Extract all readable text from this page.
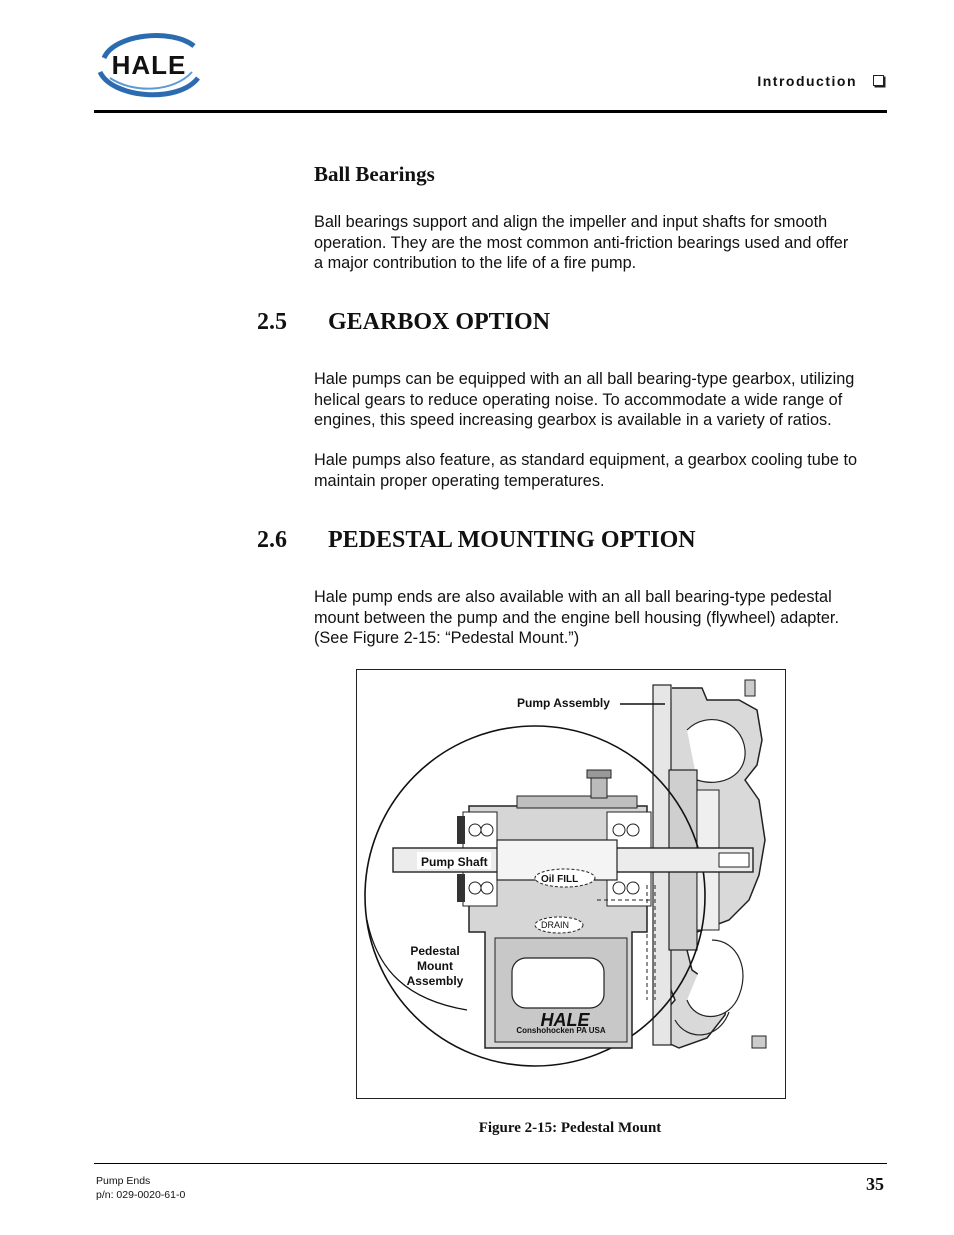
HALE
Introduction
Ball Bearings
Ball bearings support and align the impeller and input shafts for smooth
operation. They are the most common anti-friction bearings used and offer
a major contribution to the life of a fire pump.
2.5 GEARBOX OPTION
Hale pumps can be equipped with an all ball bearing-type gearbox, utilizing
helical gears to reduce operating noise. To accommodate a wide range of
engines, this speed increasing gearbox is available in a variety of ratios.
Hale pumps also feature, as standard equipment, a gearbox cooling tube to
maintain proper operating temperatures.
2.6 PEDESTAL MOUNTING OPTION
Hale pump ends are also available with an all ball bearing-type pedestal
mount between the pump and the engine bell housing (flywheel) adapter.
(See Figure 2-15: “Pedestal Mount.”)
Pump Assembly
Pump Shaft
Oil FILL
DRAIN
Pedestal
Mount
Assembly
HALE
Conshohocken PA USA
Figure 2-15: Pedestal Mount
Pump Ends
p/n: 029-0020-61-0
35
